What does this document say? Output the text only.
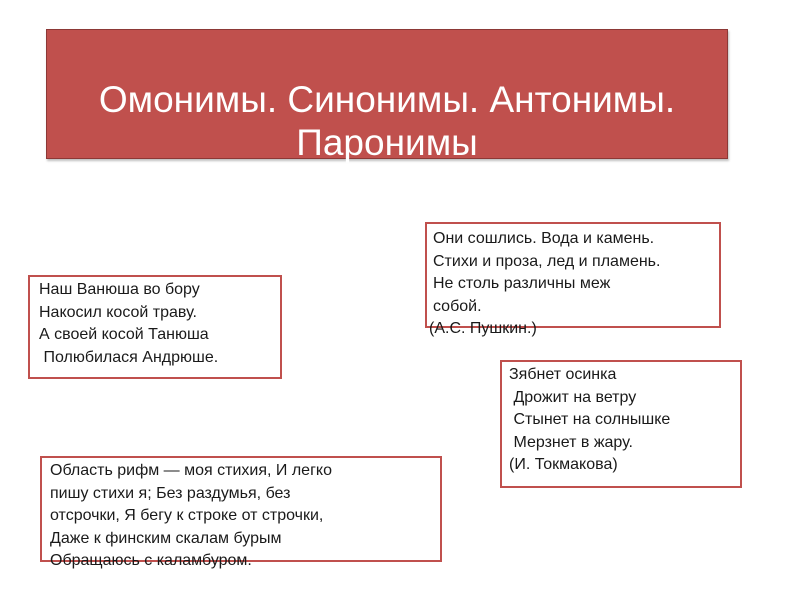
Омонимы. Синонимы. Антонимы.
Паронимы
Наш Ванюша во бору
Накосил косой траву.
А своей косой Танюша
Полюбилася Андрюше.
Они сошлись. Вода и камень.
Стихи и проза, лед и пламень.
Не столь различны меж
собой.
(А.С. Пушкин.)
Зябнет осинка
Дрожит на ветру
Стынет на солнышке
Мерзнет в жару.
(И. Токмакова)
Область рифм — моя стихия, И легко
пишу стихи я; Без раздумья, без
отсрочки, Я бегу к строке от строчки,
Даже к финским скалам бурым
Обращаюсь с каламбуром.
